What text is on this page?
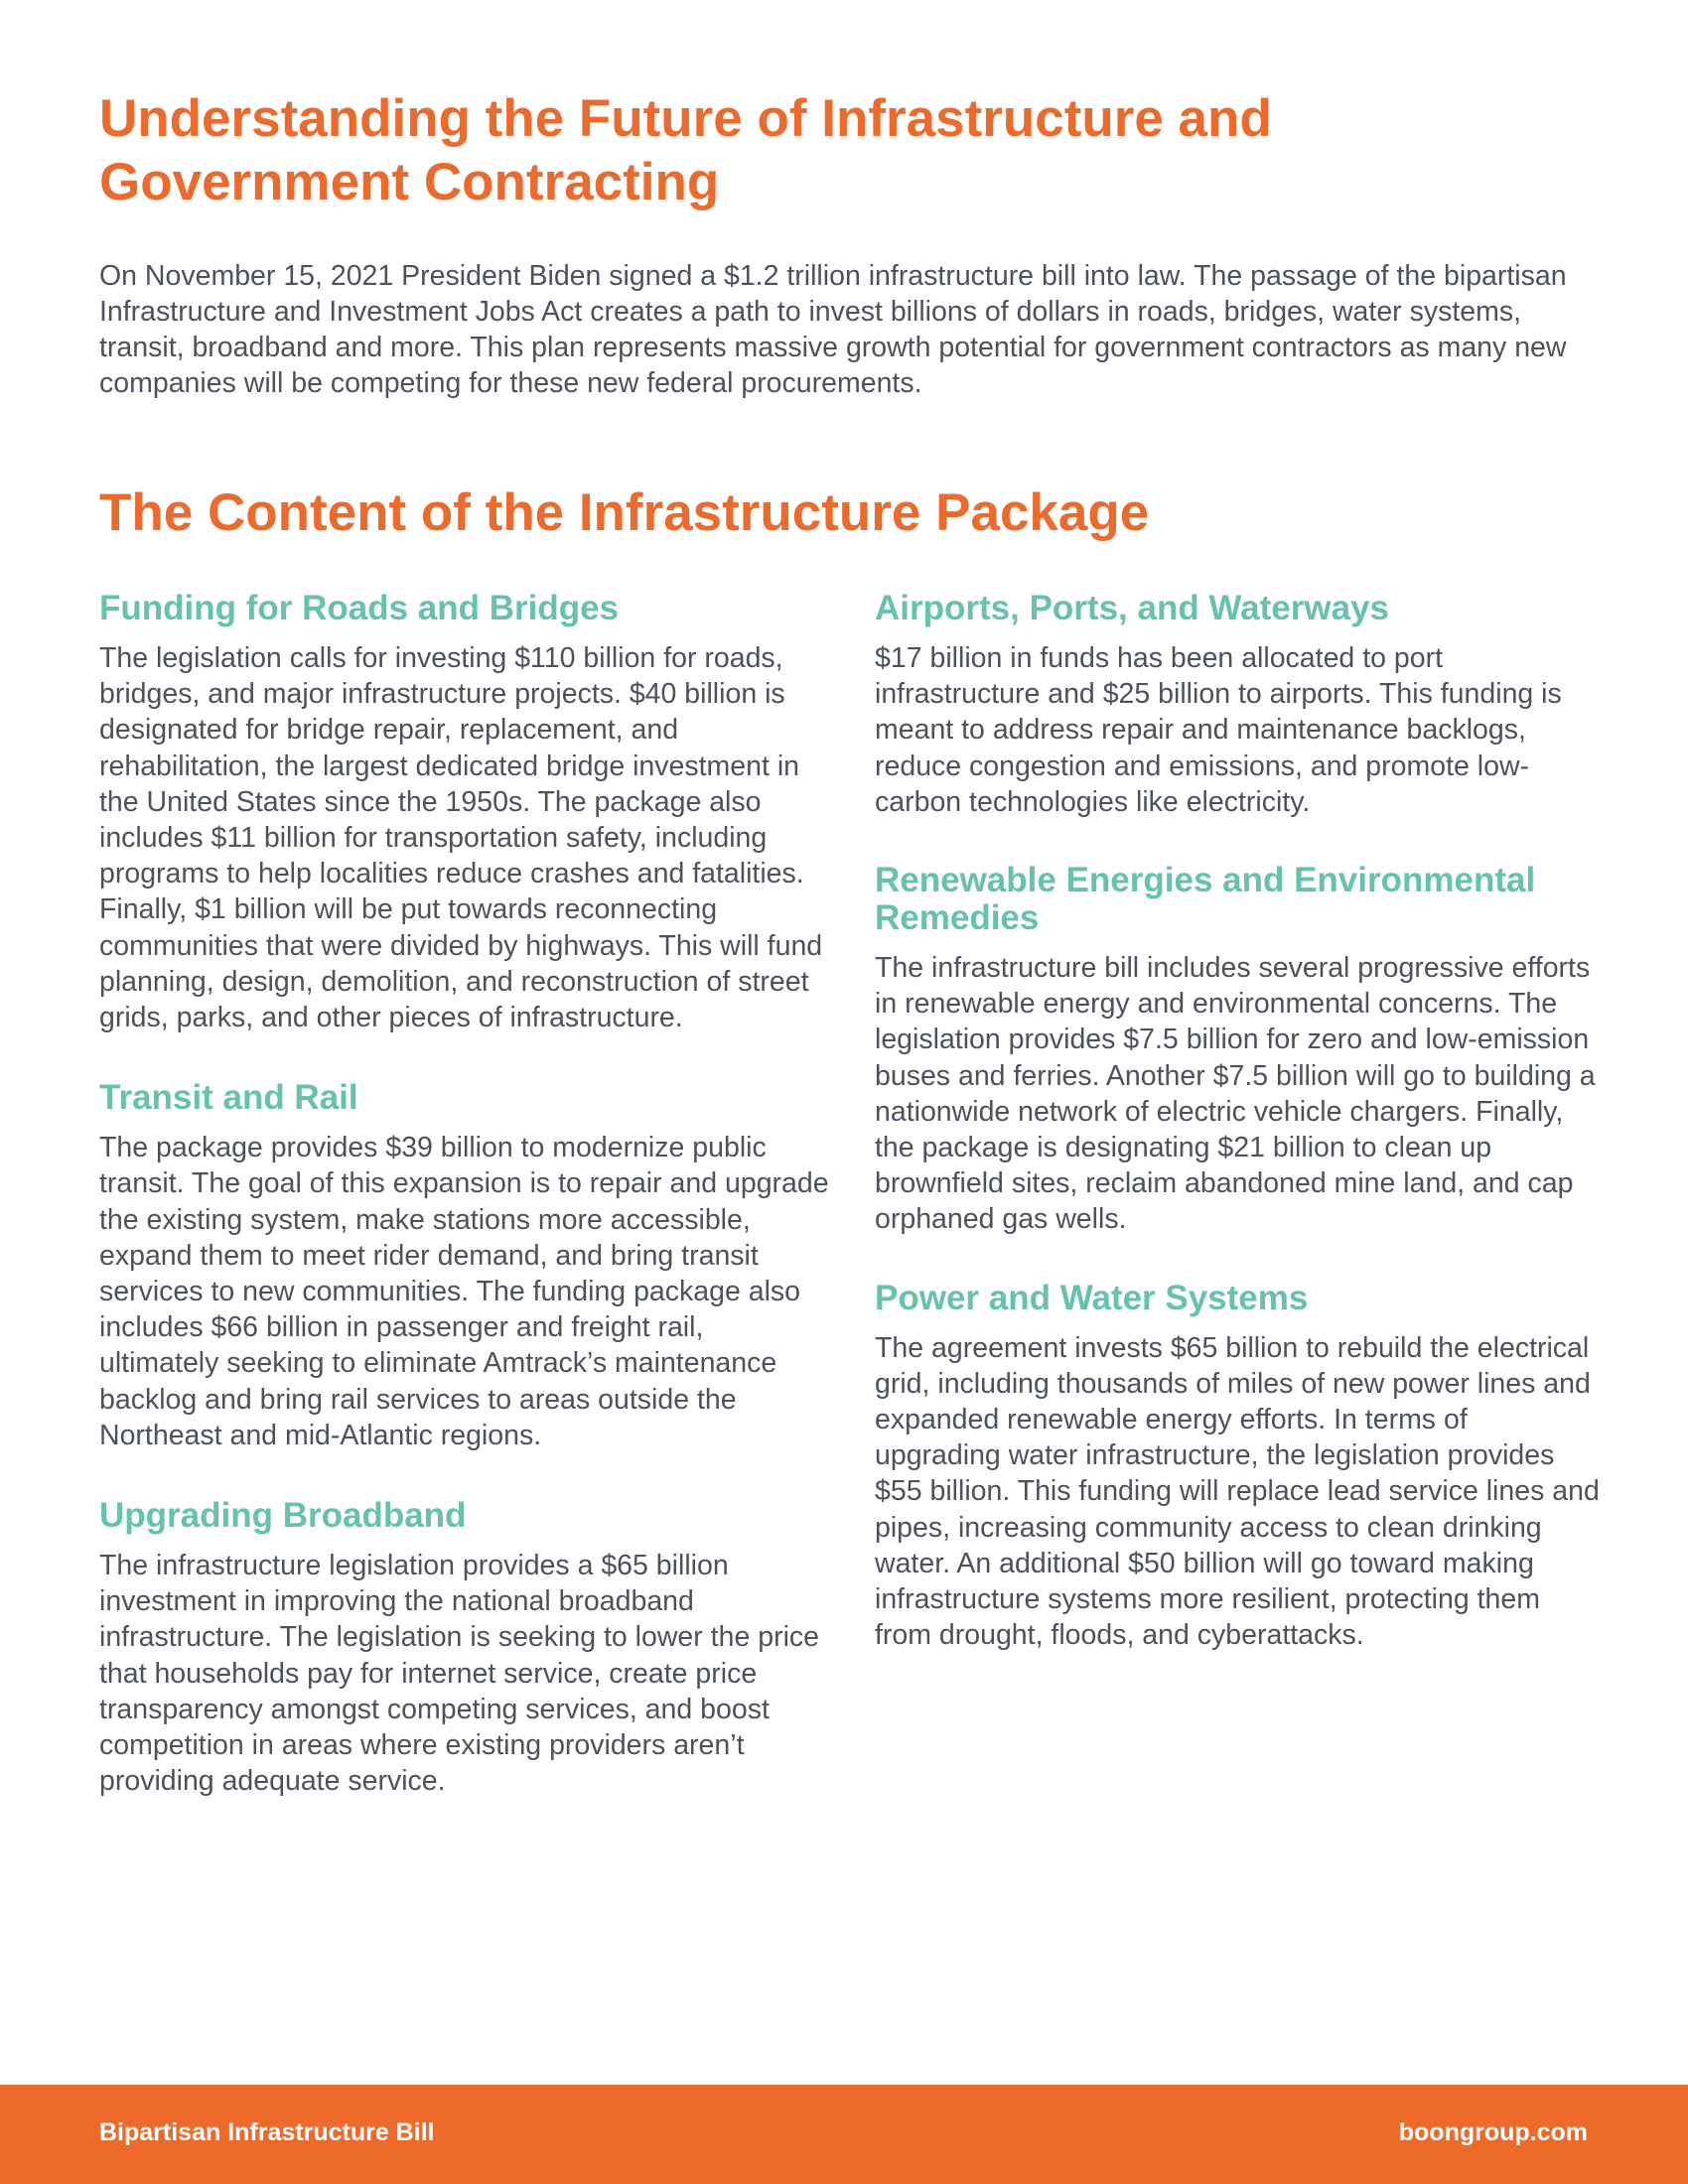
Understanding the Future of Infrastructure and Government Contracting

On November 15, 2021 President Biden signed a $1.2 trillion infrastructure bill into law. The passage of the bipartisan Infrastructure and Investment Jobs Act creates a path to invest billions of dollars in roads, bridges, water systems, transit, broadband and more. This plan represents massive growth potential for government contractors as many new companies will be competing for these new federal procurements.

The Content of the Infrastructure Package
Funding for Roads and Bridges

The legislation calls for investing $110 billion for roads, bridges, and major infrastructure projects. $40 billion is designated for bridge repair, replacement, and rehabilitation, the largest dedicated bridge investment in the United States since the 1950s. The package also includes $11 billion for transportation safety, including programs to help localities reduce crashes and fatalities. Finally, $1 billion will be put towards reconnecting communities that were divided by highways. This will fund planning, design, demolition, and reconstruction of street grids, parks, and other pieces of infrastructure.

Transit and Rail

The package provides $39 billion to modernize public transit. The goal of this expansion is to repair and upgrade the existing system, make stations more accessible, expand them to meet rider demand, and bring transit services to new communities. The funding package also includes $66 billion in passenger and freight rail, ultimately seeking to eliminate Amtrack’s maintenance backlog and bring rail services to areas outside the Northeast and mid-Atlantic regions.

Upgrading Broadband

The infrastructure legislation provides a $65 billion investment in improving the national broadband infrastructure. The legislation is seeking to lower the price that households pay for internet service, create price transparency amongst competing services, and boost competition in areas where existing providers aren’t providing adequate service.

Airports, Ports, and Waterways

$17 billion in funds has been allocated to port infrastructure and $25 billion to airports. This funding is meant to address repair and maintenance backlogs, reduce congestion and emissions, and promote low-carbon technologies like electricity.

Renewable Energies and Environmental Remedies

The infrastructure bill includes several progressive efforts in renewable energy and environmental concerns. The legislation provides $7.5 billion for zero and low-emission buses and ferries. Another $7.5 billion will go to building a nationwide network of electric vehicle chargers. Finally, the package is designating $21 billion to clean up brownfield sites, reclaim abandoned mine land, and cap orphaned gas wells.

Power and Water Systems

The agreement invests $65 billion to rebuild the electrical grid, including thousands of miles of new power lines and expanded renewable energy efforts. In terms of upgrading water infrastructure, the legislation provides $55 billion. This funding will replace lead service lines and pipes, increasing community access to clean drinking water. An additional $50 billion will go toward making infrastructure systems more resilient, protecting them from drought, floods, and cyberattacks.

Bipartisan Infrastructure Bill	boongroup.com
